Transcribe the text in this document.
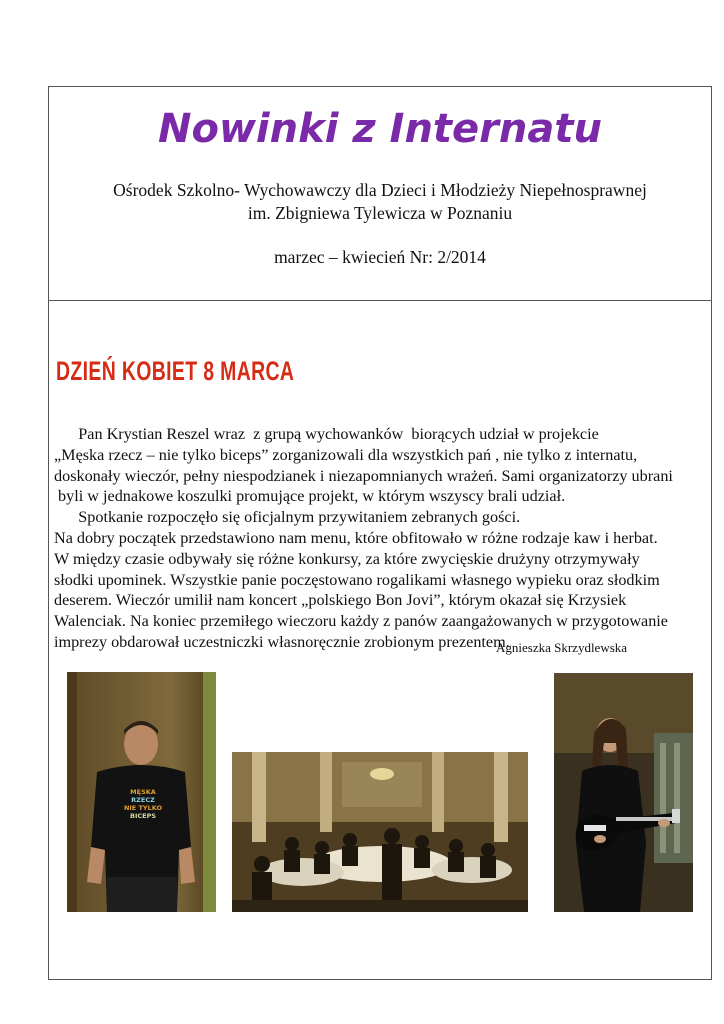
Nowinki z Internatu
Ośrodek Szkolno- Wychowawczy dla Dzieci i Młodzieży Niepełnosprawnej
im. Zbigniewa Tylewicza w Poznaniu
marzec – kwiecień Nr: 2/2014
DZIEŃ KOBIET 8 MARCA

Pan Krystian Reszel wraz  z grupą wychowanków  biorących udział w projekcie

„Męska rzecz – nie tylko biceps” zorganizowali dla wszystkich pań , nie tylko z internatu,

doskonały wieczór, pełny niespodzianek i niezapomnianych wrażeń. Sami organizatorzy ubrani

byli w jednakowe koszulki promujące projekt, w którym wszyscy brali udział.

Spotkanie rozpoczęło się oficjalnym przywitaniem zebranych gości.

Na dobry początek przedstawiono nam menu, które obfitowało w różne rodzaje kaw i herbat.

W między czasie odbywały się różne konkursy, za które zwycięskie drużyny otrzymywały

słodki upominek. Wszystkie panie poczęstowano rogalikami własnego wypieku oraz słodkim

deserem. Wieczór umilił nam koncert „polskiego Bon Jovi”, którym okazał się Krzysiek

Walenciak. Na koniec przemiłego wieczoru każdy z panów zaangażowanych w przygotowanie

imprezy obdarował uczestniczki własnoręcznie zrobionym prezentem.

Agnieszka Skrzydlewska
MĘSKA
RZECZ
NIE TYLKO
BICEPS
